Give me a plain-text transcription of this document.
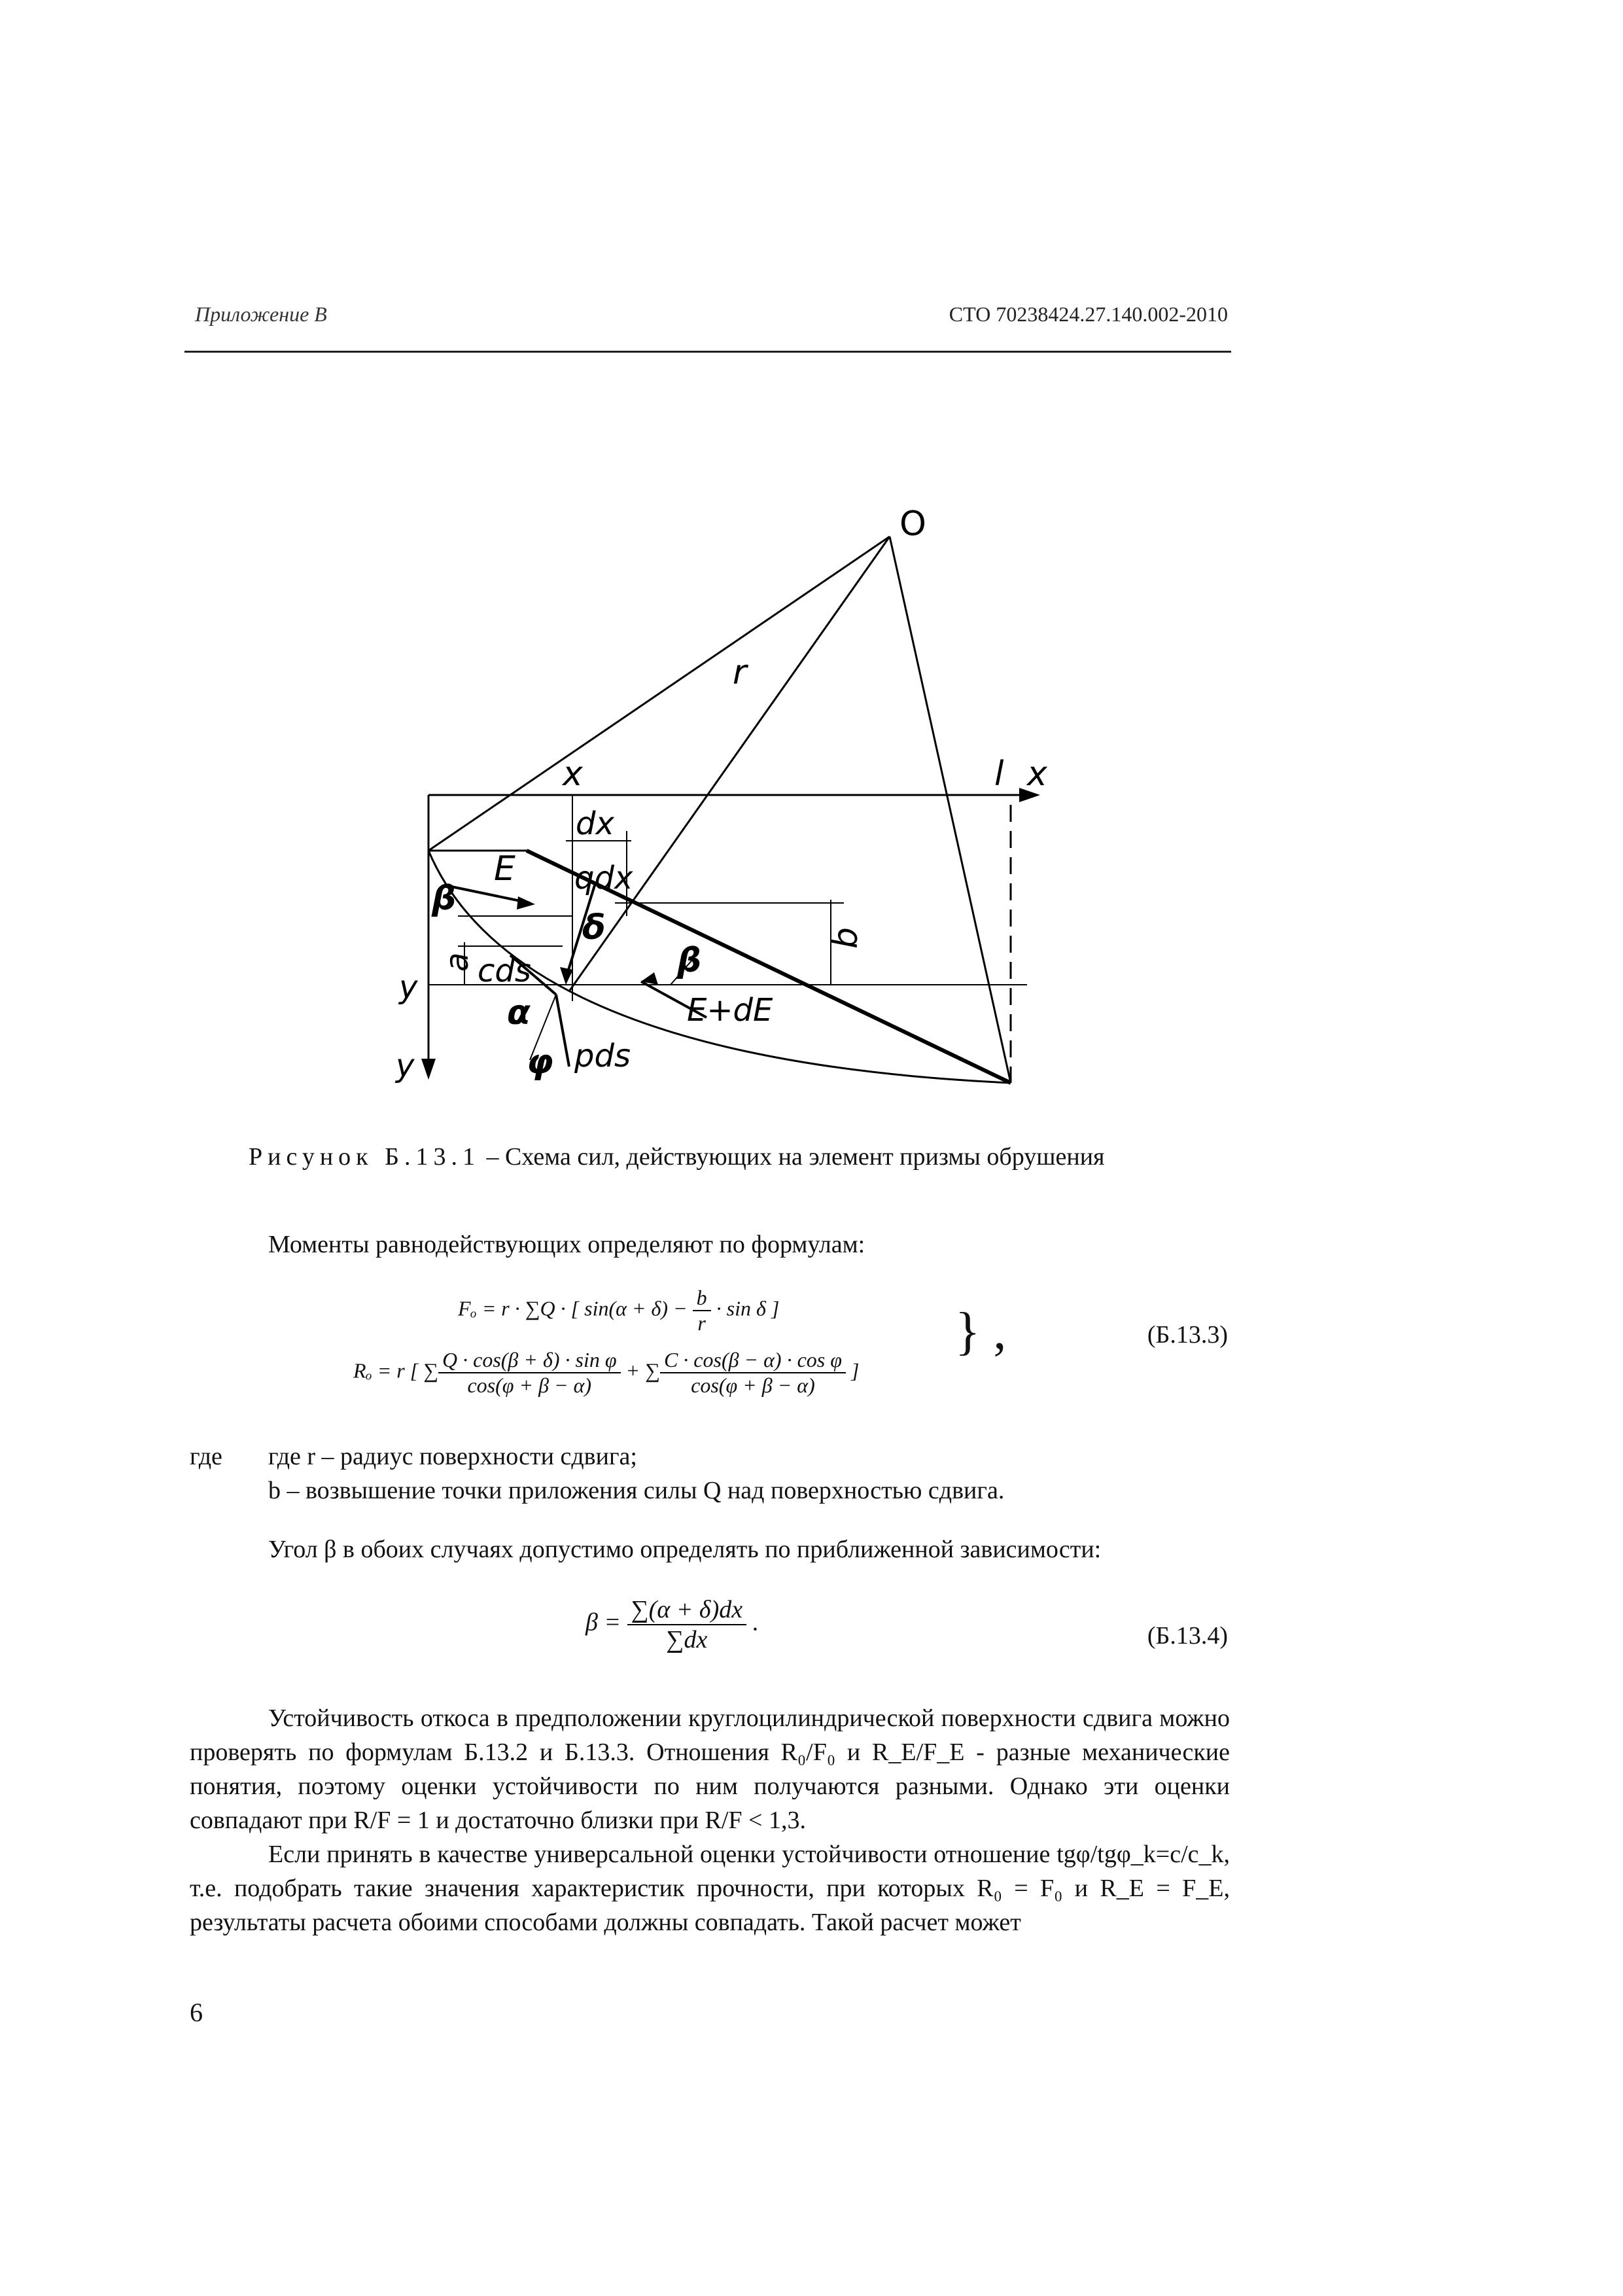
Приложение В	СТО 70238424.27.140.002-2010
O
r
x	l x
dx
qdx
E
β
δ
β
b
a cds
y
α	E+dE
φ pds
y
Рисунок Б.13.1 – Схема сил, действующих на элемент призмы обрушения
Моменты равнодействующих определяют по формулам:
Fₒ = r · ∑Q · [ $\sin(\alpha + \delta) - \frac{b}{r} \cdot \sin \delta$ ]
Rₒ = r [ ∑ $\frac{\text{Q · cos(β + δ) · sin φ}}{\cos(\varphi + \beta - \alpha)}$ + ∑ $\frac{\text{C · cos(β − α) · cos φ}}{\cos(\varphi + \beta - \alpha)}$ ]
} ,	(Б.13.3)
где где r – радиус поверхности сдвига;
b – возвышение точки приложения силы Q над поверхностью сдвига.
Угол β в обоих случаях допустимо определять по приближенной зависимости:
$\beta = \frac{\sum(\alpha + \delta)dx}{\sum dx}$ .	(Б.13.4)
Устойчивость откоса в предположении круглоцилиндрической поверхности сдвига можно проверять по формулам Б.13.2 и Б.13.3. Отношения R₀/F₀ и R_E/F_E - разные механические понятия, поэтому оценки устойчивости по ним получаются разными. Однако эти оценки совпадают при R/F = 1 и достаточно близки при R/F < 1,3.
Если принять в качестве универсальной оценки устойчивости отношение tgφ/tgφ_k=c/c_k, т.е. подобрать такие значения характеристик прочности, при которых R₀ = F₀ и R_E = F_E, результаты расчета обоими способами должны совпадать. Такой расчет может
6
